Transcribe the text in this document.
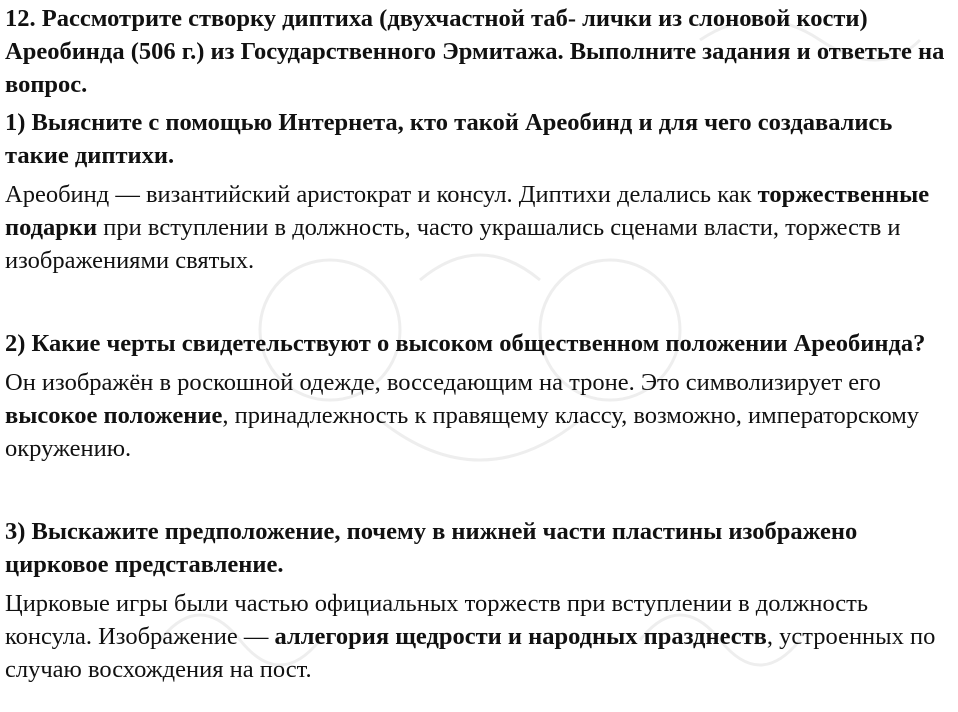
12. Рассмотрите створку диптиха (двухчастной таб- лички из слоновой кости) Ареобинда (506 г.) из Государственного Эрмитажа. Выполните задания и ответьте на вопрос.

1) Выясните с помощью Интернета, кто такой Ареобинд и для чего создавались такие диптихи.

Ареобинд — византийский аристократ и консул. Диптихи делались как торжественные подарки при вступлении в должность, часто украшались сценами власти, торжеств и изображениями святых.

2) Какие черты свидетельствуют о высоком общественном положении Ареобинда?

Он изображён в роскошной одежде, восседающим на троне. Это символизирует его высокое положение, принадлежность к правящему классу, возможно, императорскому окружению.

3) Выскажите предположение, почему в нижней части пластины изображено цирковое представление.

Цирковые игры были частью официальных торжеств при вступлении в должность консула. Изображение — аллегория щедрости и народных празднеств, устроенных по случаю восхождения на пост.
